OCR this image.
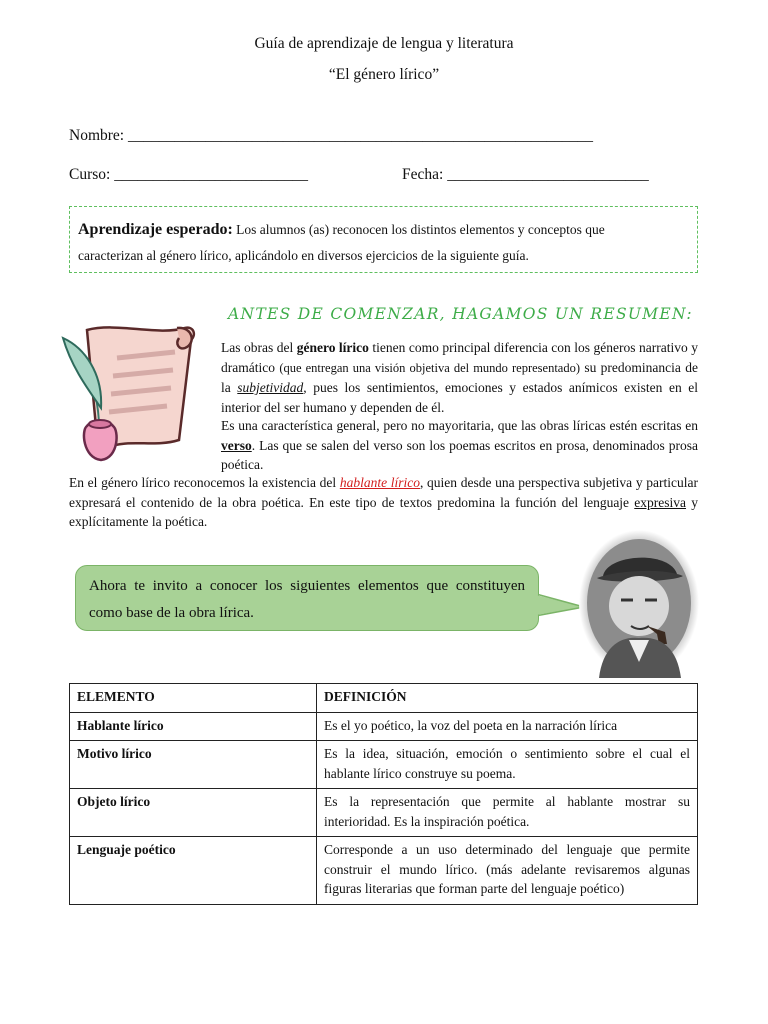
Guía de aprendizaje de lengua y literatura
“El género lírico”
Nombre: ____________________________________________________________
Curso: _________________________	Fecha: __________________________
Aprendizaje esperado: Los alumnos (as) reconocen los distintos elementos y conceptos que
caracterizan al género lírico, aplicándolo en diversos ejercicios de la siguiente guía.
ANTES DE COMENZAR, HAGAMOS UN RESUMEN:
Las obras del género lírico tienen como principal diferencia con los géneros narrativo y dramático (que entregan una visión objetiva del mundo representado) su predominancia de la subjetividad, pues los sentimientos, emociones y estados anímicos existen en el interior del ser humano y dependen de él.
Es una característica general, pero no mayoritaria, que las obras líricas estén escritas en verso. Las que se salen del verso son los poemas escritos en prosa, denominados prosa poética.
En el género lírico reconocemos la existencia del hablante lírico, quien desde una perspectiva subjetiva y particular expresará el contenido de la obra poética. En este tipo de textos predomina la función del lenguaje expresiva y explícitamente la poética.
Ahora te invito a conocer los siguientes elementos que constituyen como base de la obra lírica.
ELEMENTO	DEFINICIÓN
Hablante lírico	Es el yo poético, la voz del poeta en la narración lírica
Motivo lírico	Es la idea, situación, emoción o sentimiento sobre el cual el hablante lírico construye su poema.
Objeto lírico	Es la representación que permite al hablante mostrar su interioridad. Es la inspiración poética.
Lenguaje poético	Corresponde a un uso determinado del lenguaje que permite construir el mundo lírico. (más adelante revisaremos algunas figuras literarias que forman parte del lenguaje poético)
